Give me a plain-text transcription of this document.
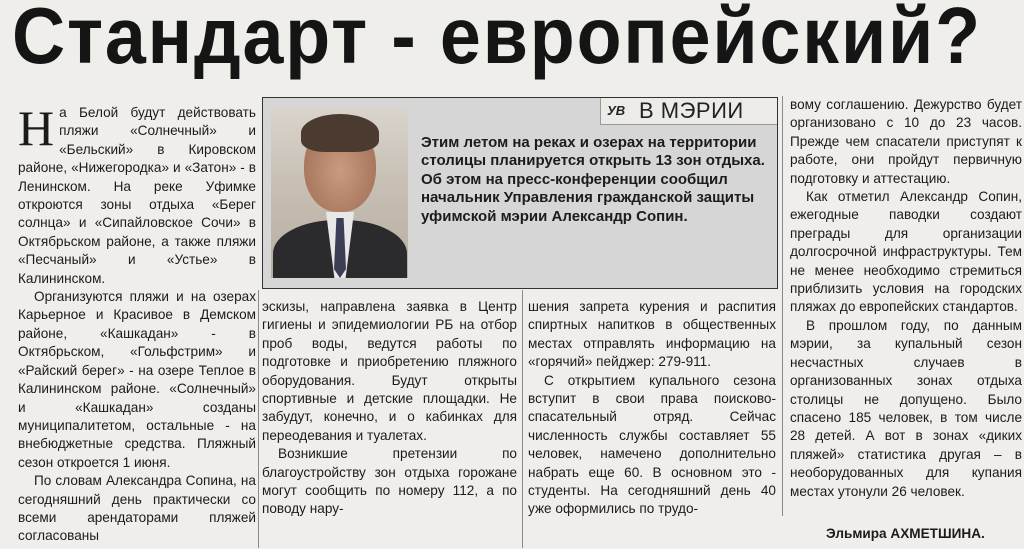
Стандарт - европейский?

На Белой будут действовать пляжи «Солнечный» и «Бельский» в Кировском районе, «Нижегородка» и «Затон» - в Ленинском. На реке Уфимке откроются зоны отдыха «Берег солнца» и «Сипайловское Сочи» в Октябрьском районе, а также пляжи «Песчаный» и «Устье» в Калининском.

Организуются пляжи и на озерах Карьерное и Красивое в Демском районе, «Кашкадан» - в Октябрьском, «Гольфстрим» и «Райский берег» - на озере Теплое в Калининском районе. «Солнечный» и «Кашкадан» созданы муниципалитетом, остальные - на внебюджетные средства. Пляжный сезон откроется 1 июня.

По словам Александра Сопина, на сегодняшний день практически со всеми арендаторами пляжей согласованы

УВ В МЭРИИ
Этим летом на реках и озерах на территории столицы планируется открыть 13 зон отдыха. Об этом на пресс-конференции сообщил начальник Управления гражданской защиты уфимской мэрии Александр Сопин.

эскизы, направлена заявка в Центр гигиены и эпидемиологии РБ на отбор проб воды, ведутся работы по подготовке и приобретению пляжного оборудования. Будут открыты спортивные и детские площадки. Не забудут, конечно, и о кабинках для переодевания и туалетах.

Возникшие претензии по благоустройству зон отдыха горожане могут сообщить по номеру 112, а по поводу нару-

шения запрета курения и распития спиртных напитков в общественных местах отправлять информацию на «горячий» пейджер: 279-911.

С открытием купального сезона вступит в свои права поисково-спасательный отряд. Сейчас численность службы составляет 55 человек, намечено дополнительно набрать еще 60. В основном это - студенты. На сегодняшний день 40 уже оформились по трудо-

вому соглашению. Дежурство будет организовано с 10 до 23 часов. Прежде чем спасатели приступят к работе, они пройдут первичную подготовку и аттестацию.

Как отметил Александр Сопин, ежегодные паводки создают преграды для организации долгосрочной инфраструктуры. Тем не менее необходимо стремиться приблизить условия на городских пляжах до европейских стандартов.

В прошлом году, по данным мэрии, за купальный сезон несчастных случаев в организованных зонах отдыха столицы не допущено. Было спасено 185 человек, в том числе 28 детей. А вот в зонах «диких пляжей» статистика другая – в необорудованных для купания местах утонули 26 человек.

Эльмира АХМЕТШИНА.
